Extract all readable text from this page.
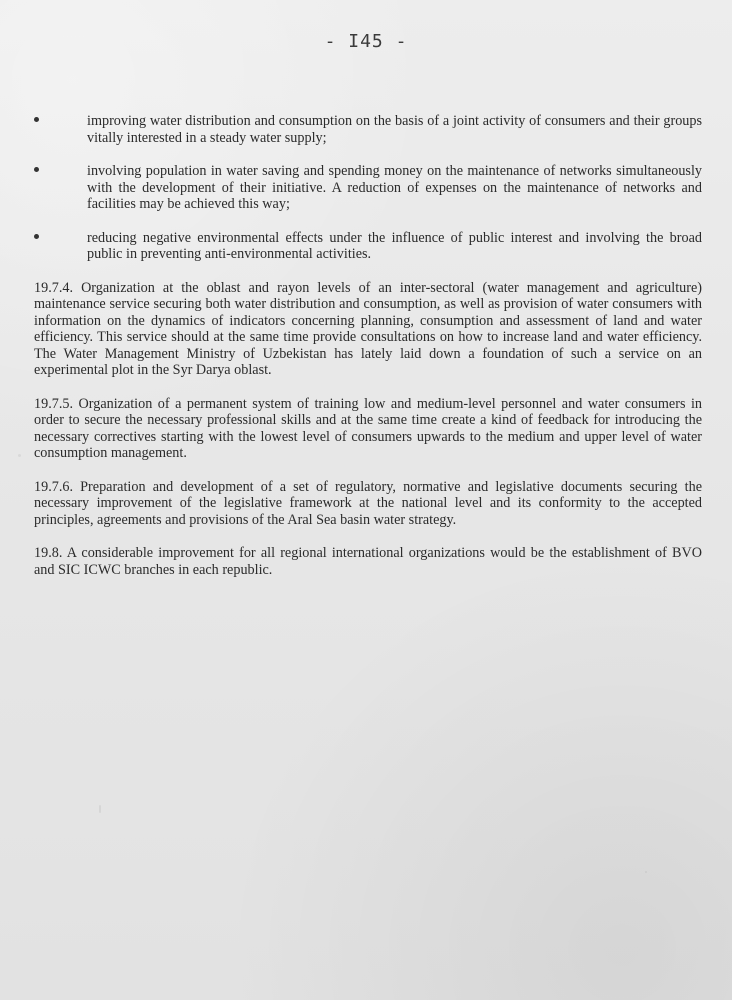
- I45 -
improving water distribution and consumption on the basis of a joint activity of consumers and their groups vitally interested in a steady water supply;
involving population in water saving and spending money on the maintenance of networks simultaneously with the development of their initiative. A reduction of expenses on the maintenance of networks and facilities may be achieved this way;
reducing negative environmental effects under the influence of public interest and involving the broad public in preventing anti-environmental activities.
19.7.4. Organization at the oblast and rayon levels of an inter-sectoral (water management and agriculture) maintenance service securing both water distribution and consumption, as well as provision of water consumers with information on the dynamics of indicators concerning planning, consumption and assessment of land and water efficiency. This service should at the same time provide consultations on how to increase land and water efficiency. The Water Management Ministry of Uzbekistan has lately laid down a foundation of such a service on an experimental plot in the Syr Darya oblast.
19.7.5. Organization of a permanent system of training low and medium-level personnel and water consumers in order to secure the necessary professional skills and at the same time create a kind of feedback for introducing the necessary correctives starting with the lowest level of consumers upwards to the medium and upper level of water consumption management.
19.7.6. Preparation and development of a set of regulatory, normative and legislative documents securing the necessary improvement of the legislative framework at the national level and its conformity to the accepted principles, agreements and provisions of the Aral Sea basin water strategy.
19.8. A considerable improvement for all regional international organizations would be the establishment of BVO and SIC ICWC branches in each republic.
